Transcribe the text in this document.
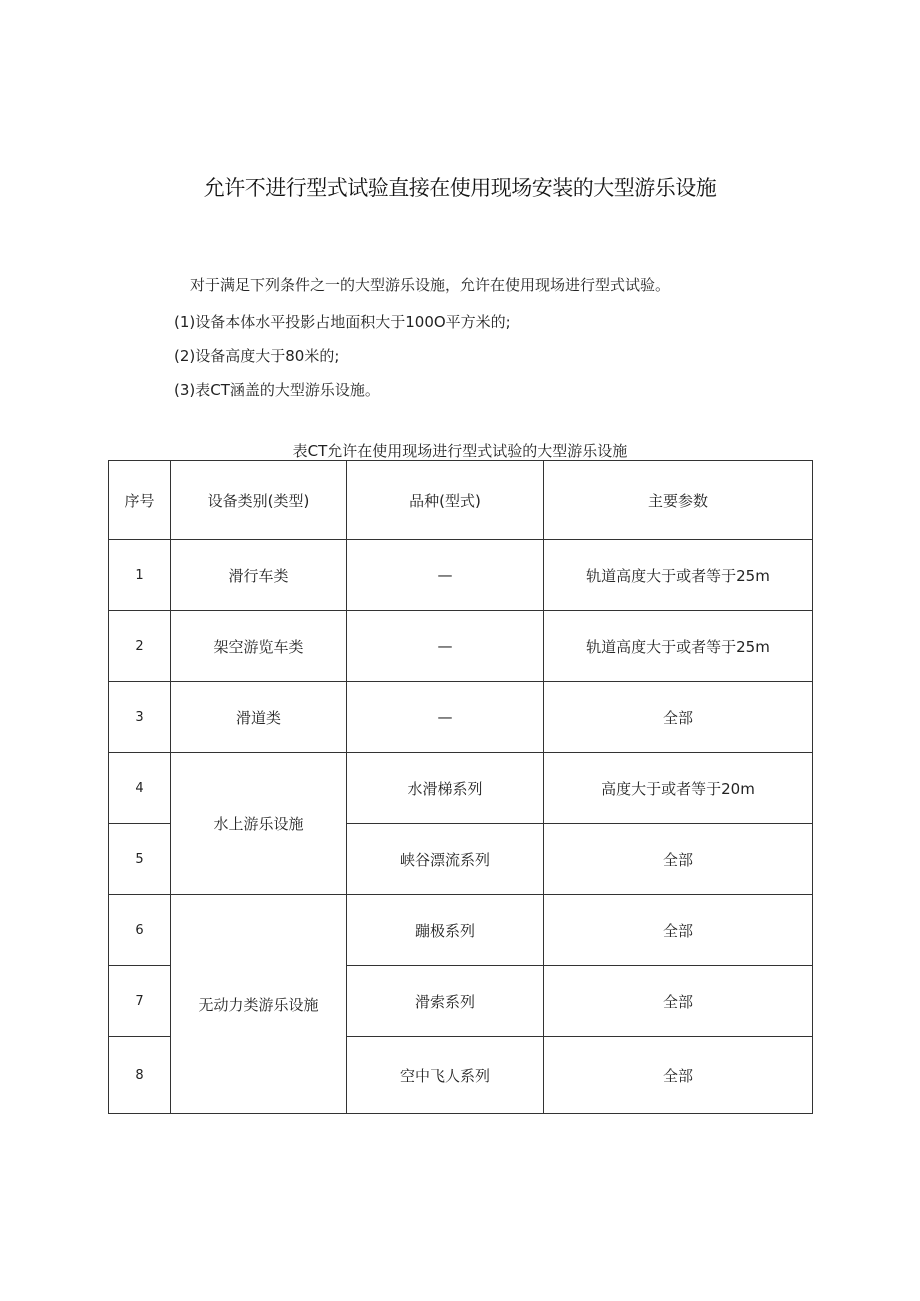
允许不进行型式试验直接在使用现场安装的大型游乐设施
对于满足下列条件之一的大型游乐设施，允许在使用现场进行型式试验。
(1)设备本体水平投影占地面积大于100O平方米的;
(2)设备高度大于80米的;
(3)表CT涵盖的大型游乐设施。
表CT允许在使用现场进行型式试验的大型游乐设施
序号	设备类别(类型)	品种(型式)	主要参数
1	滑行车类	—	轨道高度大于或者等于25m
2	架空游览车类	—	轨道高度大于或者等于25m
3	滑道类	—	全部
4	水上游乐设施	水滑梯系列	高度大于或者等于20m
5		峡谷漂流系列	全部
6	无动力类游乐设施	蹦极系列	全部
7		滑索系列	全部
8		空中飞人系列	全部
